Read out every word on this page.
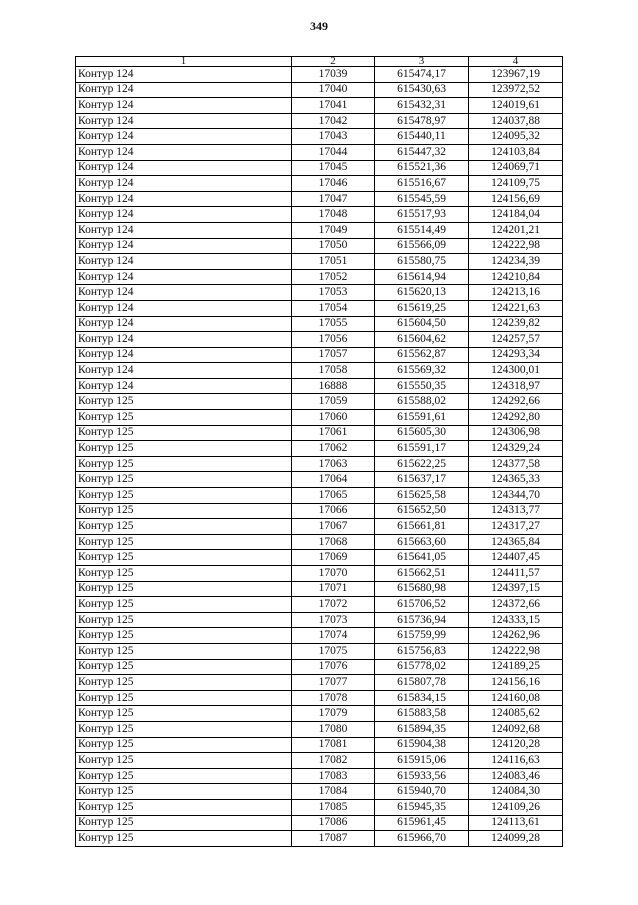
349
1	2	3	4
Контур 124	17039	615474,17	123967,19
Контур 124	17040	615430,63	123972,52
Контур 124	17041	615432,31	124019,61
Контур 124	17042	615478,97	124037,88
Контур 124	17043	615440,11	124095,32
Контур 124	17044	615447,32	124103,84
Контур 124	17045	615521,36	124069,71
Контур 124	17046	615516,67	124109,75
Контур 124	17047	615545,59	124156,69
Контур 124	17048	615517,93	124184,04
Контур 124	17049	615514,49	124201,21
Контур 124	17050	615566,09	124222,98
Контур 124	17051	615580,75	124234,39
Контур 124	17052	615614,94	124210,84
Контур 124	17053	615620,13	124213,16
Контур 124	17054	615619,25	124221,63
Контур 124	17055	615604,50	124239,82
Контур 124	17056	615604,62	124257,57
Контур 124	17057	615562,87	124293,34
Контур 124	17058	615569,32	124300,01
Контур 124	16888	615550,35	124318,97
Контур 125	17059	615588,02	124292,66
Контур 125	17060	615591,61	124292,80
Контур 125	17061	615605,30	124306,98
Контур 125	17062	615591,17	124329,24
Контур 125	17063	615622,25	124377,58
Контур 125	17064	615637,17	124365,33
Контур 125	17065	615625,58	124344,70
Контур 125	17066	615652,50	124313,77
Контур 125	17067	615661,81	124317,27
Контур 125	17068	615663,60	124365,84
Контур 125	17069	615641,05	124407,45
Контур 125	17070	615662,51	124411,57
Контур 125	17071	615680,98	124397,15
Контур 125	17072	615706,52	124372,66
Контур 125	17073	615736,94	124333,15
Контур 125	17074	615759,99	124262,96
Контур 125	17075	615756,83	124222,98
Контур 125	17076	615778,02	124189,25
Контур 125	17077	615807,78	124156,16
Контур 125	17078	615834,15	124160,08
Контур 125	17079	615883,58	124085,62
Контур 125	17080	615894,35	124092,68
Контур 125	17081	615904,38	124120,28
Контур 125	17082	615915,06	124116,63
Контур 125	17083	615933,56	124083,46
Контур 125	17084	615940,70	124084,30
Контур 125	17085	615945,35	124109,26
Контур 125	17086	615961,45	124113,61
Контур 125	17087	615966,70	124099,28
